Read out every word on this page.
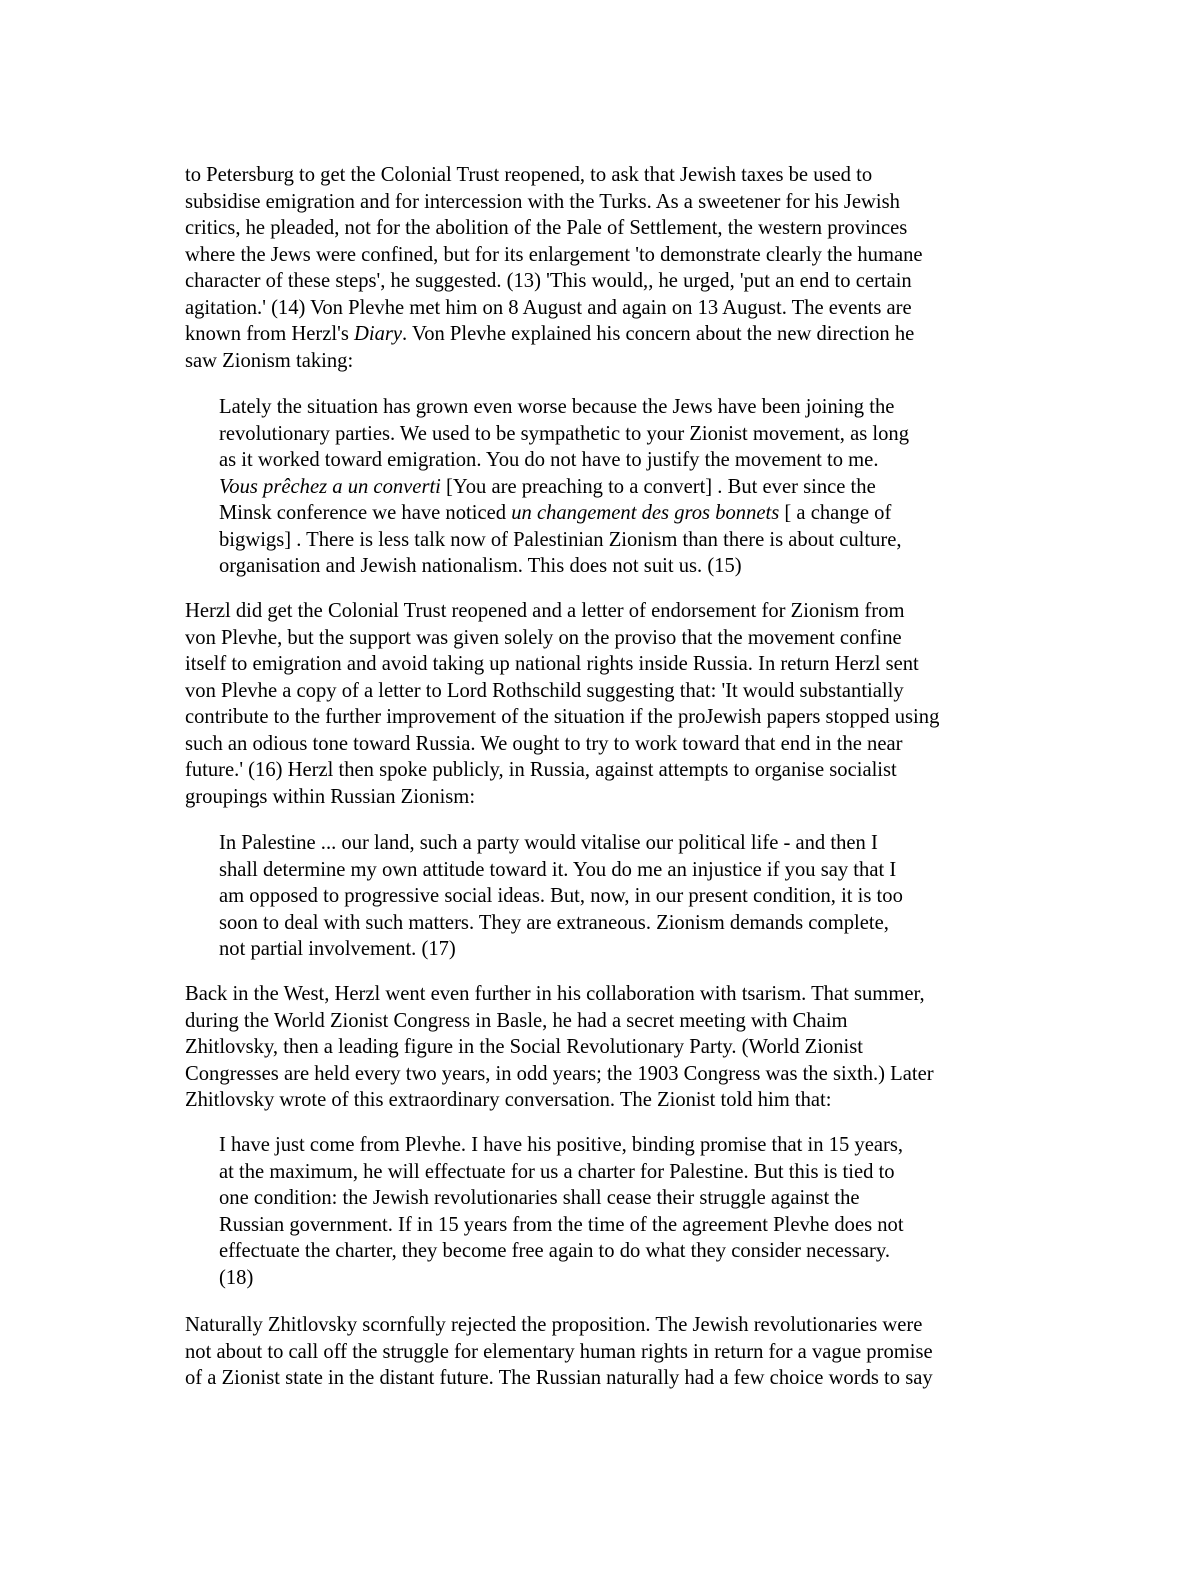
to Petersburg to get the Colonial Trust reopened, to ask that Jewish taxes be used to
subsidise emigration and for intercession with the Turks. As a sweetener for his Jewish
critics, he pleaded, not for the abolition of the Pale of Settlement, the western provinces
where the Jews were confined, but for its enlargement 'to demonstrate clearly the humane
character of these steps', he suggested. (13) 'This would,, he urged, 'put an end to certain
agitation.' (14) Von Plevhe met him on 8 August and again on 13 August. The events are
known from Herzl's Diary. Von Plevhe explained his concern about the new direction he
saw Zionism taking:
Lately the situation has grown even worse because the Jews have been joining the
revolutionary parties. We used to be sympathetic to your Zionist movement, as long
as it worked toward emigration. You do not have to justify the movement to me.
Vous prêchez a un converti [You are preaching to a convert] . But ever since the
Minsk conference we have noticed un changement des gros bonnets [ a change of
bigwigs] . There is less talk now of Palestinian Zionism than there is about culture,
organisation and Jewish nationalism. This does not suit us. (15)
Herzl did get the Colonial Trust reopened and a letter of endorsement for Zionism from
von Plevhe, but the support was given solely on the proviso that the movement confine
itself to emigration and avoid taking up national rights inside Russia. In return Herzl sent
von Plevhe a copy of a letter to Lord Rothschild suggesting that: 'It would substantially
contribute to the further improvement of the situation if the proJewish papers stopped using
such an odious tone toward Russia. We ought to try to work toward that end in the near
future.' (16) Herzl then spoke publicly, in Russia, against attempts to organise socialist
groupings within Russian Zionism:
In Palestine ... our land, such a party would vitalise our political life - and then I
shall determine my own attitude toward it. You do me an injustice if you say that I
am opposed to progressive social ideas. But, now, in our present condition, it is too
soon to deal with such matters. They are extraneous. Zionism demands complete,
not partial involvement. (17)
Back in the West, Herzl went even further in his collaboration with tsarism. That summer,
during the World Zionist Congress in Basle, he had a secret meeting with Chaim
Zhitlovsky, then a leading figure in the Social Revolutionary Party. (World Zionist
Congresses are held every two years, in odd years; the 1903 Congress was the sixth.) Later
Zhitlovsky wrote of this extraordinary conversation. The Zionist told him that:
I have just come from Plevhe. I have his positive, binding promise that in 15 years,
at the maximum, he will effectuate for us a charter for Palestine. But this is tied to
one condition: the Jewish revolutionaries shall cease their struggle against the
Russian government. If in 15 years from the time of the agreement Plevhe does not
effectuate the charter, they become free again to do what they consider necessary.
(18)
Naturally Zhitlovsky scornfully rejected the proposition. The Jewish revolutionaries were
not about to call off the struggle for elementary human rights in return for a vague promise
of a Zionist state in the distant future. The Russian naturally had a few choice words to say
